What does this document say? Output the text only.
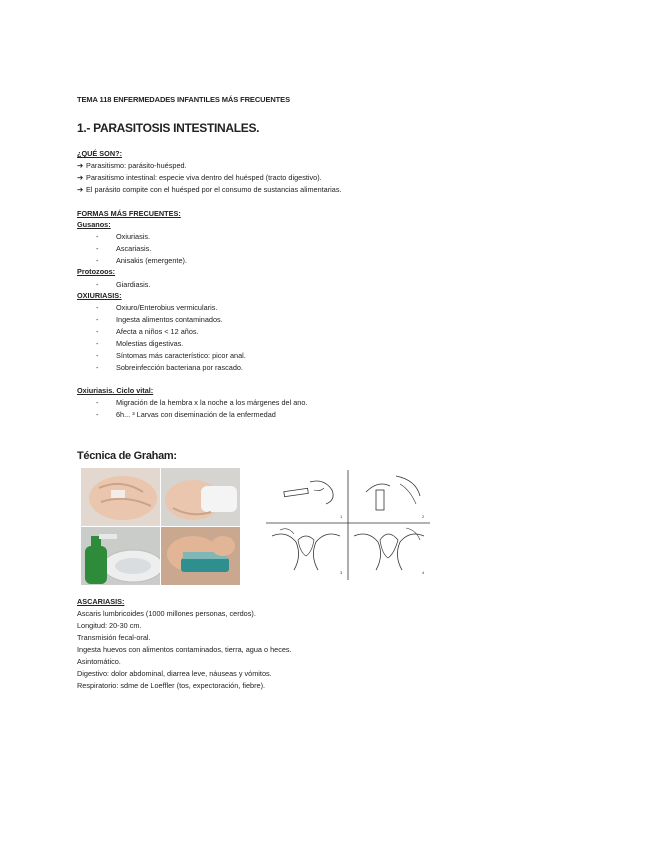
TEMA 118 ENFERMEDADES INFANTILES MÁS FRECUENTES
1.- PARASITOSIS INTESTINALES.
¿QUÉ SON?:
➔ Parasitismo: parásito-huésped.
➔ Parasitismo intestinal: especie viva dentro del huésped (tracto digestivo).
➔ El parásito compite con el huésped por el consumo de sustancias alimentarias.
FORMAS MÁS FRECUENTES:
Gusanos:
- Oxiuriasis.
- Ascariasis.
- Anisakis (emergente).
Protozoos:
- Giardiasis.
OXIURIASIS:
- Oxiuro/Enterobius vermicularis.
- Ingesta alimentos contaminados.
- Afecta a niños < 12 años.
- Molestias digestivas.
- Síntomas más característico: picor anal.
- Sobreinfección bacteriana por rascado.
Oxiuriasis. Ciclo vital:
- Migración de la hembra x la noche a los márgenes del ano.
- 6h... ³ Larvas con diseminación de la enfermedad
Técnica de Graham:
1	2
3	4
ASCARIASIS:
Ascaris lumbricoides (1000 millones personas, cerdos).
Longitud: 20-30 cm.
Transmisión fecal-oral.
Ingesta huevos con alimentos contaminados, tierra, agua o heces.
Asintomático.
Digestivo: dolor abdominal, diarrea leve, náuseas y vómitos.
Respiratorio: sdme de Loeffler (tos, expectoración, fiebre).
